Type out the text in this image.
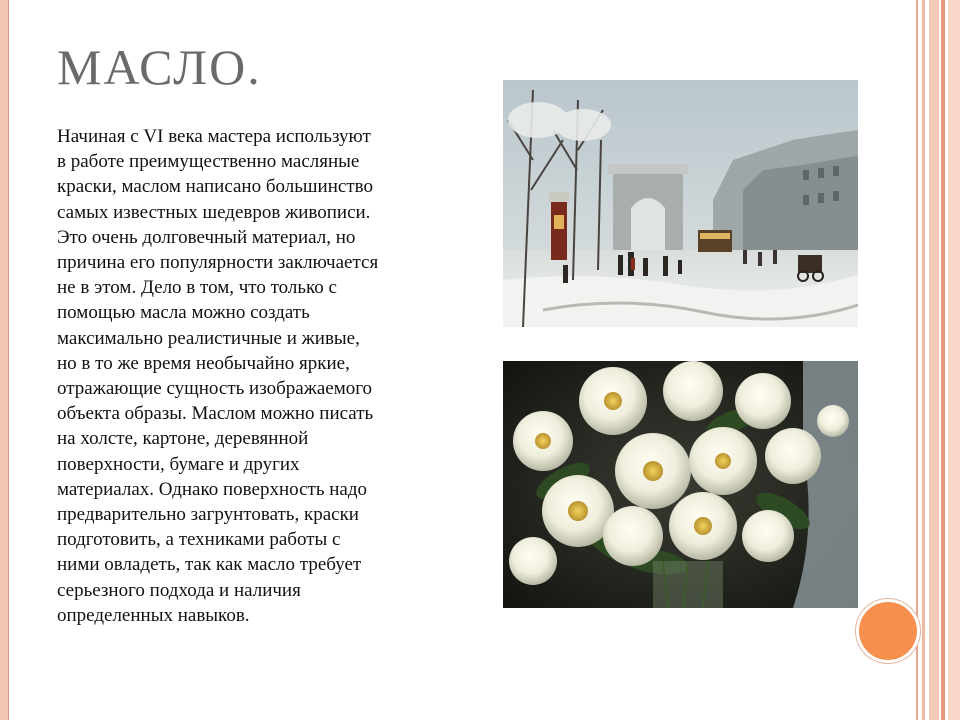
МАСЛО.
Начиная с VI века мастера используют
в работе преимущественно масляные
краски, маслом написано большинство
самых известных шедевров живописи.
Это очень долговечный материал, но
причина его популярности заключается
не в этом. Дело в том, что только с
помощью масла можно создать
максимально реалистичные и живые,
но в то же время необычайно яркие,
отражающие сущность изображаемого
объекта образы. Маслом можно писать
на холсте, картоне, деревянной
поверхности, бумаге и других
материалах. Однако поверхность надо
предварительно загрунтовать, краски
подготовить, а техниками работы с
ними овладеть, так как масло требует
серьезного подхода и наличия
определенных навыков.
